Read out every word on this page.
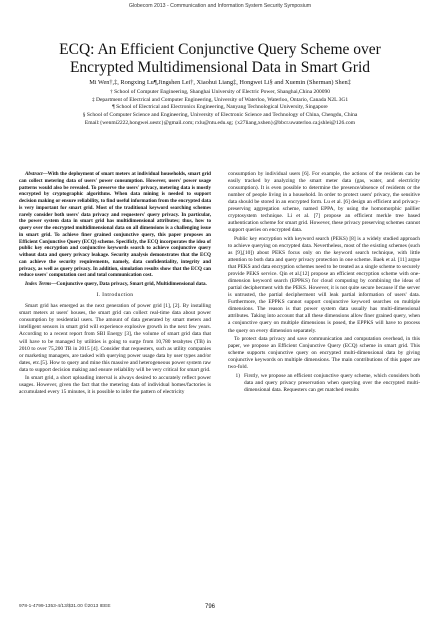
Globecom 2013 - Communication and Information System Security Symposium
ECQ: An Efficient Conjunctive Query Scheme over
Encrypted Multidimensional Data in Smart Grid
Mi Wen†,‡, Rongxing Lu¶,Jingshen Lei†, Xiaohui Liang‡, Hongwei Li§ and Xuemin (Sherman) Shen‡
† School of Computer Engineering, Shanghai University of Electric Power, Shanghai,China 200090
‡ Department of Electrical and Computer Engineering, University of Waterloo, Waterloo, Ontario, Canada N2L 3G1
¶ School of Electrical and Electronics Engineering, Nanyang Technological University, Singapore
§ School of Computer Science and Engineering, University of Electronic Science and Technology of China, Chengdu, China
Email:{wenmi2222,hongwei.uestc}@gmail.com; rxlu@ntu.edu.sg; {x27liang,xshen}@bbcr.uwaterloo.ca;jshlei@126.com

Abstract—With the deployment of smart meters at individual households, smart grid can collect metering data of users' power consumption. However, users' power usage patterns would also be revealed. To preserve the users' privacy, metering data is mostly encrypted by cryptographic algorithms. When data mining is needed to support decision making or ensure reliability, to find useful information from the encrypted data is very important for smart grid. Most of the traditional keyword searching schemes rarely consider both users' data privacy and requesters' query privacy. In particular, the power system data in smart grid has multidimensional attributes; thus, how to query over the encrypted multidimensional data on all dimensions is a challenging issue in smart grid. To achieve finer grained conjunctive query, this paper proposes an Efficient Conjunctive Query (ECQ) scheme. Specificly, the ECQ incorporates the idea of public key encryption and conjunctive keywords search to achieve conjunctive query without data and query privacy leakage. Security analysis demonstrates that the ECQ can achieve the security requirements, namely, data confidentiality, integrity and privacy, as well as query privacy. In addition, simulation results show that the ECQ can reduce users' computation cost and total communication cost.

Index Terms—Conjunctive query, Data privacy, Smart grid, Multidimensional data.

I. Introduction

Smart grid has emerged as the next generation of power grid [1], [2]. By installing smart meters at users' houses, the smart grid can collect real-time data about power consumption by residential users. The amount of data generated by smart meters and intelligent sensors in smart grid will experience explosive growth in the next few years. According to a recent report from SBI Energy [3], the volume of smart grid data that will have to be managed by utilities is going to surge from 10,780 terabytes (TB) in 2010 to over 75,200 TB in 2015 [4]. Consider that requesters, such as utility companies or marketing managers, are tasked with querying power usage data by user types and/or dates, etc.[5]. How to query and mine this massive and heterogeneous power system raw data to support decision making and ensure reliability will be very critical for smart grid.

In smart grid, a short uploading interval is always desired to accurately reflect power usages. However, given the fact that the metering data of individual homes/factories is accumulated every 15 minutes, it is possible to infer the pattern of electricity

consumption by individual users [6]. For example, the actions of the residents can be easily tracked by analyzing the smart meter data (gas, water, and electricity consumption). It is even possible to determine the presence/absence of residents or the number of people living in a household. In order to protect users' privacy, the sensitive data should be stored in an encrypted form. Lu et al. [6] design an efficient and privacy-preserving aggregation scheme, named EPPA, by using the homomorphic paillier cryptosystem technique. Li et al. [7] propose an efficient merkle tree based authentication scheme for smart grid. However, these privacy preserving schemes cannot support queries on encrypted data.

Public key encryption with keyword search (PEKS) [8] is a widely studied approach to achieve querying on encrypted data. Nevertheless, most of the existing schemes (such as [9],[10]) about PEKS focus only on the keyword search technique, with little attention to both data and query privacy protection in one scheme. Baek et al. [11] argue that PEKS and data encryption schemes need to be treated as a single scheme to securely provide PEKS service. Qin et al.[12] propose an efficient encryption scheme with one-dimension keyword search (EPPKS) for cloud computing by combining the ideas of partial decipherment with the PEKS. However, it is not quite secure because if the server is untrusted, the partial decipherment will leak partial information of users' data. Furthermore, the EPPKS cannot support conjunctive keyword searches on multiple dimensions. The reason is that power system data usually has multi-dimensional attributes. Taking into account that all these dimensions allow finer grained query, when a conjunctive query on multiple dimensions is posed, the EPPKS will have to process the query on every dimension separately.

To protect data privacy and save communication and computation overhead, in this paper, we propose an Efficient Conjunctive Query (ECQ) scheme in smart grid. This scheme supports conjunctive query on encrypted multi-dimensional data by giving conjunctive keywords on multiple dimensions. The main contributions of this paper are two-fold.

1) Firstly, we propose an efficient conjunctive query scheme, which considers both data and query privacy preservation when querying over the encrypted multi-dimensional data. Requesters can get matched results
978-1-4799-1353-4/13/$31.00 ©2013 IEEE	796
